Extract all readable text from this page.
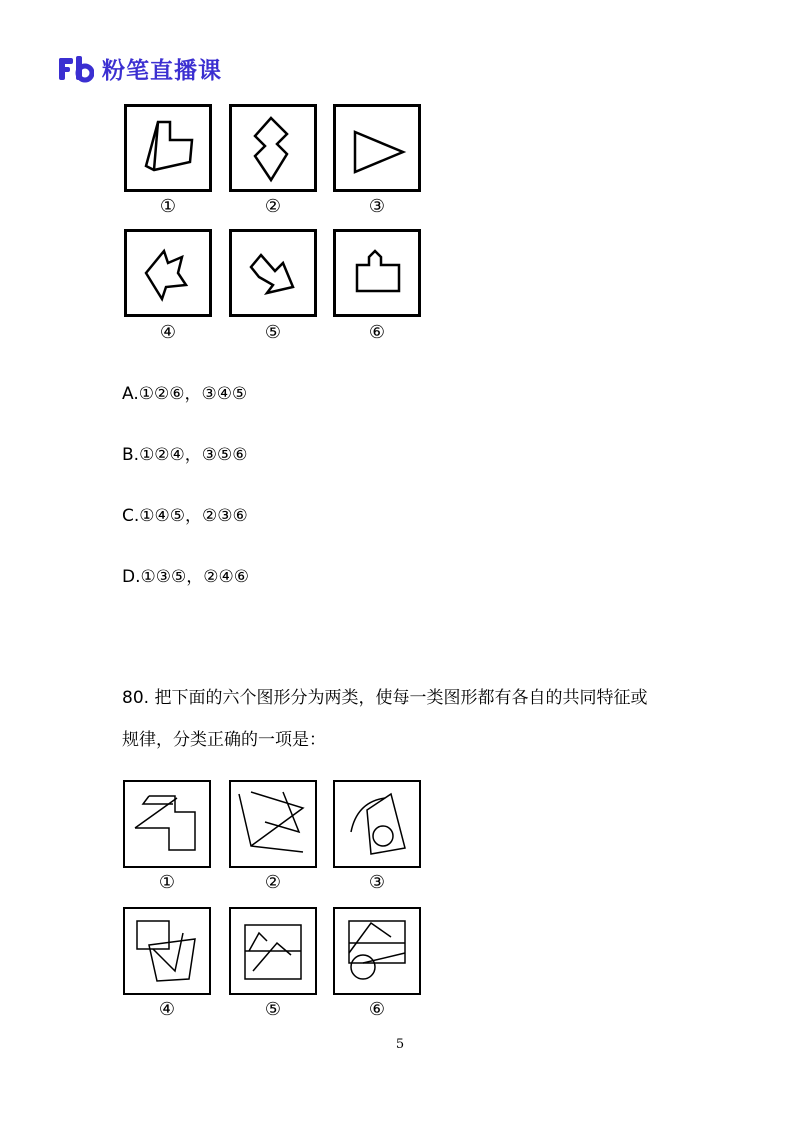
粉笔直播课
①	②	③
④	⑤	⑥
A.①②⑥，③④⑤
B.①②④，③⑤⑥
C.①④⑤，②③⑥
D.①③⑤，②④⑥
80. 把下面的六个图形分为两类，使每一类图形都有各自的共同特征或
规律，分类正确的一项是：
①	②	③
④	⑤	⑥
5
